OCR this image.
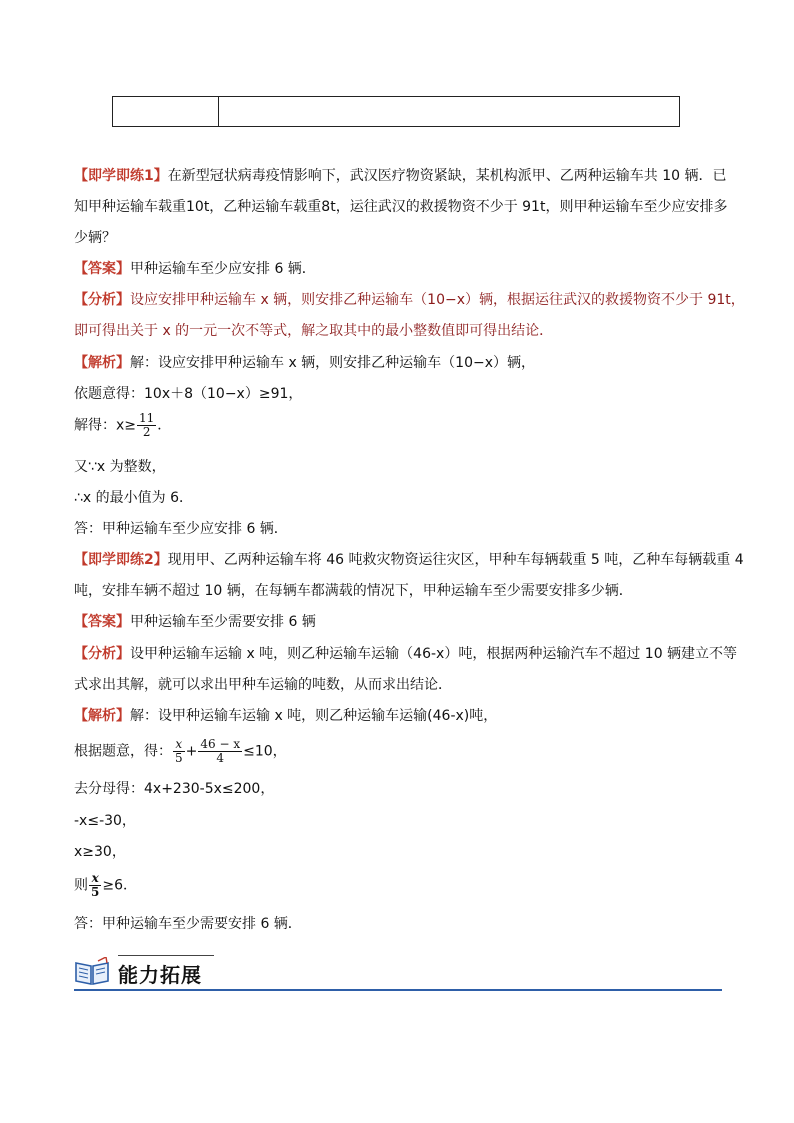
【即学即练1】在新型冠状病毒疫情影响下，武汉医疗物资紧缺，某机构派甲、乙两种运输车共 10 辆．已
知甲种运输车载重10t，乙种运输车载重8t，运往武汉的救援物资不少于 91t，则甲种运输车至少应安排多
少辆？
【答案】甲种运输车至少应安排 6 辆．
【分析】设应安排甲种运输车 x 辆，则安排乙种运输车（10−x）辆，根据运往武汉的救援物资不少于 91t，
即可得出关于 x 的一元一次不等式，解之取其中的最小整数值即可得出结论．
【解析】解：设应安排甲种运输车 x 辆，则安排乙种运输车（10−x）辆，
依题意得：10x＋8（10−x）≥91，
解得：$x\ge \frac{11}{2}$ ．
又∵x 为整数，
∴x 的最小值为 6．
答：甲种运输车至少应安排 6 辆．
【即学即练2】现用甲、乙两种运输车将 46 吨救灾物资运往灾区，甲种车每辆载重 5 吨，乙种车每辆载重 4
吨，安排车辆不超过 10 辆，在每辆车都满载的情况下，甲种运输车至少需要安排多少辆．
【答案】甲种运输车至少需要安排 6 辆
【分析】设甲种运输车运输 x 吨，则乙种运输车运输（46-x）吨，根据两种运输汽车不超过 10 辆建立不等
式求出其解，就可以求出甲种车运输的吨数，从而求出结论．
【解析】解：设甲种运输车运输 x 吨，则乙种运输车运输(46-x)吨，
根据题意，得： $\frac{x}{5} + \frac{46 - x}{4} \le 10$，
去分母得：4x+230-5x≤200，
-x≤-30，
x≥30，
则 $\frac{x}{5} \ge 6$．
答：甲种运输车至少需要安排 6 辆．
能力拓展
